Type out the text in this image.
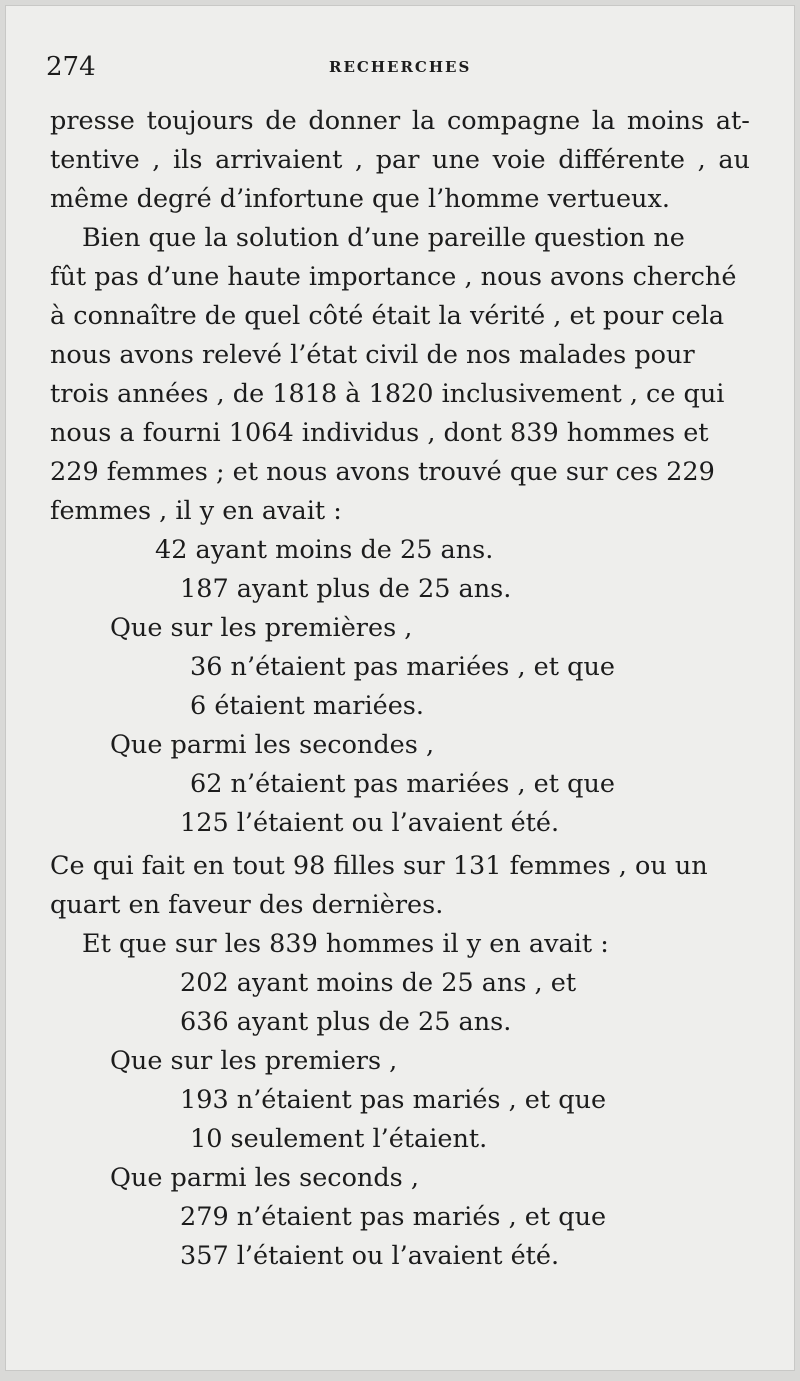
274	RECHERCHES
presse toujours de donner la compagne la moins at-
tentive , ils arrivaient , par une voie différente , au
même degré d’infortune que l’homme vertueux.
Bien que la solution d’une pareille question ne
fût pas d’une haute importance , nous avons cherché
à connaître de quel côté était la vérité , et pour cela
nous avons relevé l’état civil de nos malades pour
trois années , de 1818 à 1820 inclusivement , ce qui
nous a fourni 1064 individus , dont 839 hommes et
229 femmes ; et nous avons trouvé que sur ces 229
femmes , il y en avait :
42 ayant moins de 25 ans.
187 ayant plus de 25 ans.
Que sur les premières ,
36 n’étaient pas mariées , et que
6 étaient mariées.
Que parmi les secondes ,
62 n’étaient pas mariées , et que
125 l’étaient ou l’avaient été.
Ce qui fait en tout 98 filles sur 131 femmes , ou un
quart en faveur des dernières.
Et que sur les 839 hommes il y en avait :
202 ayant moins de 25 ans , et
636 ayant plus de 25 ans.
Que sur les premiers ,
193 n’étaient pas mariés , et que
10 seulement l’étaient.
Que parmi les seconds ,
279 n’étaient pas mariés , et que
357 l’étaient ou l’avaient été.
